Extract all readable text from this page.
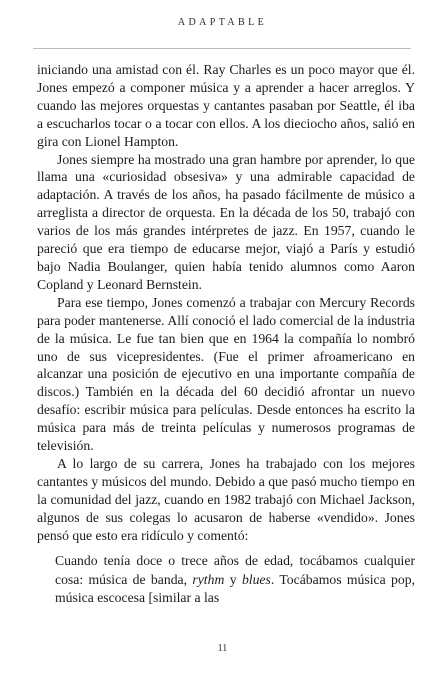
ADAPTABLE

iniciando una amistad con él. Ray Charles es un poco mayor que él. Jones empezó a componer música y a aprender a hacer arreglos. Y cuando las mejores orquestas y cantantes pasaban por Seattle, él iba a escucharlos tocar o a tocar con ellos. A los dieciocho años, salió en gira con Lionel Hampton.

Jones siempre ha mostrado una gran hambre por aprender, lo que llama una «curiosidad obsesiva» y una admirable capacidad de adaptación. A través de los años, ha pasado fácilmente de músico a arreglista a director de orquesta. En la década de los 50, trabajó con varios de los más grandes intérpretes de jazz. En 1957, cuando le pareció que era tiempo de educarse mejor, viajó a París y estudió bajo Nadia Boulanger, quien había tenido alumnos como Aaron Copland y Leonard Bernstein.

Para ese tiempo, Jones comenzó a trabajar con Mercury Records para poder mantenerse. Allí conoció el lado comercial de la industria de la música. Le fue tan bien que en 1964 la compañía lo nombró uno de sus vicepresidentes. (Fue el primer afroamericano en alcanzar una posición de ejecutivo en una importante compañía de discos.) También en la década del 60 decidió afrontar un nuevo desafío: escribir música para películas. Desde entonces ha escrito la música para más de treinta películas y numerosos programas de televisión.

A lo largo de su carrera, Jones ha trabajado con los mejores cantantes y músicos del mundo. Debido a que pasó mucho tiempo en la comunidad del jazz, cuando en 1982 trabajó con Michael Jackson, algunos de sus colegas lo acusaron de haberse «vendido». Jones pensó que esto era ridículo y comentó:

Cuando tenía doce o trece años de edad, tocábamos cualquier cosa: música de banda, rythm y blues. Tocábamos música pop, música escocesa [similar a las

11
